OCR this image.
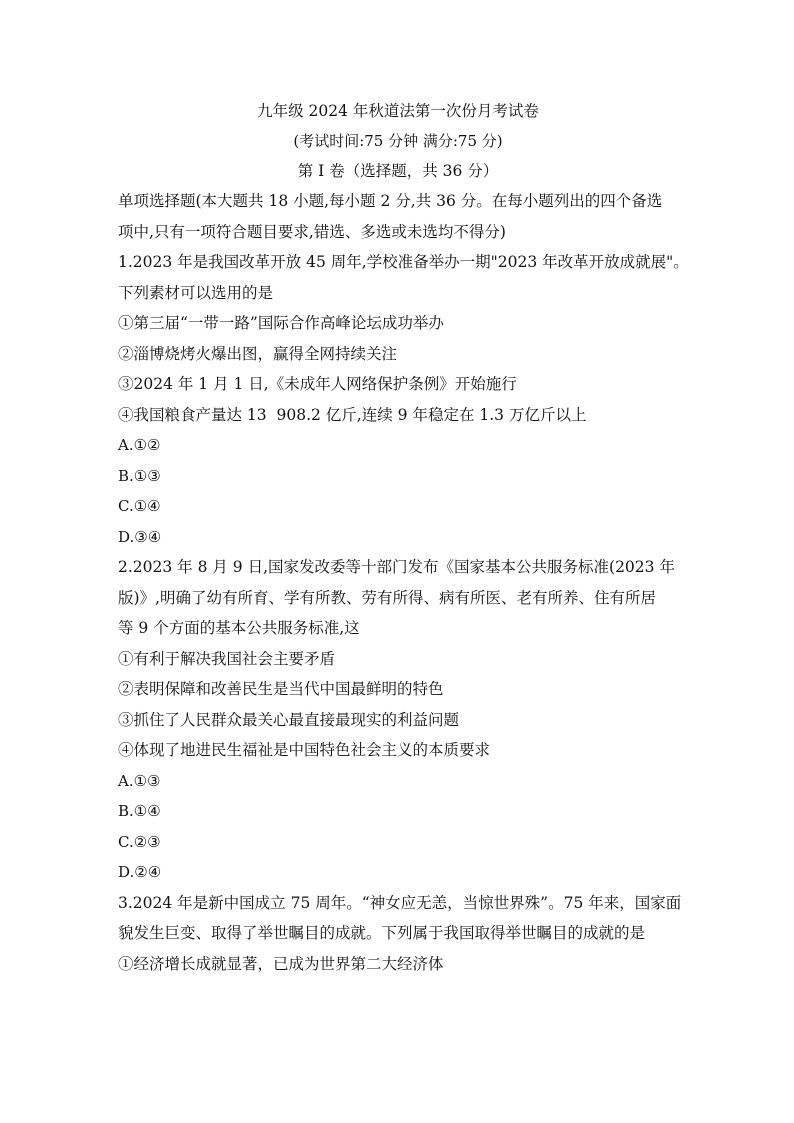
九年级 2024 年秋道法第一次份月考试卷
(考试时间:75 分钟 满分:75 分)
第 I 卷（选择题，共 36 分）
单项选择题(本大题共 18 小题,每小题 2 分,共 36 分。在每小题列出的四个备选
项中,只有一项符合题目要求,错选、多选或未选均不得分)
1.2023 年是我国改革开放 45 周年,学校准备举办一期"2023 年改革开放成就展"。
下列素材可以选用的是
①第三届“一带一路”国际合作高峰论坛成功举办
②淄博烧烤火爆出图，赢得全网持续关注
③2024 年 1 月 1 日,《未成年人网络保护条例》开始施行
④我国粮食产量达 13  908.2 亿斤,连续 9 年稳定在 1.3 万亿斤以上
A.①②
B.①③
C.①④
D.③④
2.2023 年 8 月 9 日,国家发改委等十部门发布《国家基本公共服务标准(2023 年
版)》,明确了幼有所育、学有所教、劳有所得、病有所医、老有所养、住有所居
等 9 个方面的基本公共服务标准,这
①有利于解决我国社会主要矛盾
②表明保障和改善民生是当代中国最鲜明的特色
③抓住了人民群众最关心最直接最现实的利益问题
④体现了地进民生福祉是中国特色社会主义的本质要求
A.①③
B.①④
C.②③
D.②④
3.2024 年是新中国成立 75 周年。“神女应无恙，当惊世界殊”。75 年来，国家面
貌发生巨变、取得了举世瞩目的成就。下列属于我国取得举世瞩目的成就的是
①经济增长成就显著，已成为世界第二大经济体
